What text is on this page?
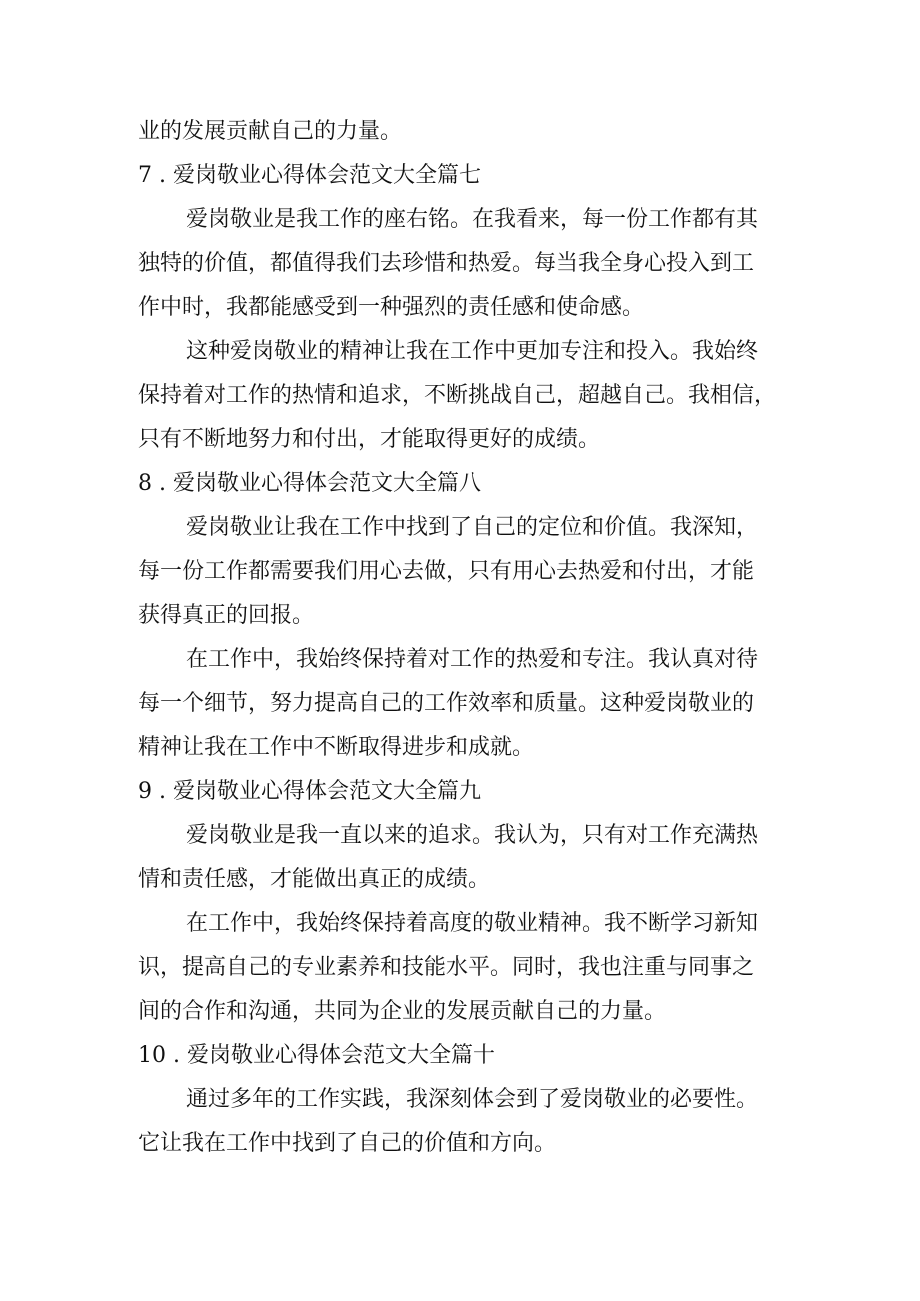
业的发展贡献自己的力量。
7 . 爱岗敬业心得体会范文大全篇七
爱岗敬业是我工作的座右铭。在我看来，每一份工作都有其
独特的价值，都值得我们去珍惜和热爱。每当我全身心投入到工
作中时，我都能感受到一种强烈的责任感和使命感。
这种爱岗敬业的精神让我在工作中更加专注和投入。我始终
保持着对工作的热情和追求，不断挑战自己，超越自己。我相信，
只有不断地努力和付出，才能取得更好的成绩。
8 . 爱岗敬业心得体会范文大全篇八
爱岗敬业让我在工作中找到了自己的定位和价值。我深知，
每一份工作都需要我们用心去做，只有用心去热爱和付出，才能
获得真正的回报。
在工作中，我始终保持着对工作的热爱和专注。我认真对待
每一个细节，努力提高自己的工作效率和质量。这种爱岗敬业的
精神让我在工作中不断取得进步和成就。
9 . 爱岗敬业心得体会范文大全篇九
爱岗敬业是我一直以来的追求。我认为，只有对工作充满热
情和责任感，才能做出真正的成绩。
在工作中，我始终保持着高度的敬业精神。我不断学习新知
识，提高自己的专业素养和技能水平。同时，我也注重与同事之
间的合作和沟通，共同为企业的发展贡献自己的力量。
10 . 爱岗敬业心得体会范文大全篇十
通过多年的工作实践，我深刻体会到了爱岗敬业的必要性。
它让我在工作中找到了自己的价值和方向。
